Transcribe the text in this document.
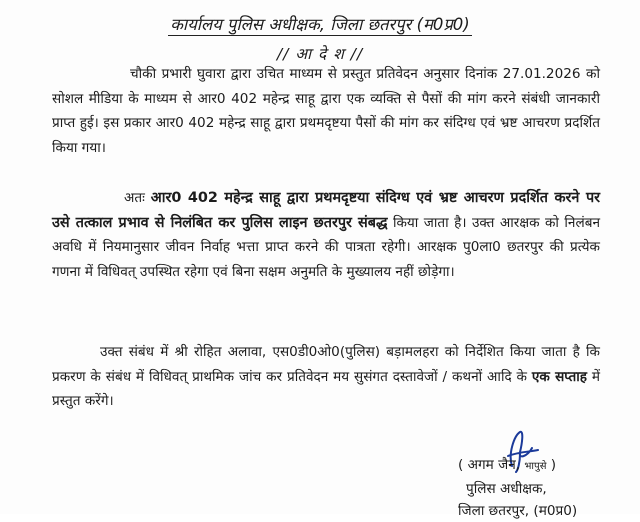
कार्यालय पुलिस अधीक्षक, जिला छतरपुर (म0प्र0)
// आ दे श //

चौकी प्रभारी घुवारा द्वारा उचित माध्यम से प्रस्तुत प्रतिवेदन अनुसार दिनांक 27.01.2026 को सोशल मीडिया के माध्यम से आर0 402 महेन्द्र साहू द्वारा एक व्यक्ति से पैसों की मांग करने संबंधी जानकारी प्राप्त हुई। इस प्रकार आर0 402 महेन्द्र साहू द्वारा प्रथमदृष्टया पैसों की मांग कर संदिग्ध एवं भ्रष्ट आचरण प्रदर्शित किया गया।

अतः आर0 402 महेन्द्र साहू द्वारा प्रथमदृष्टया संदिग्ध एवं भ्रष्ट आचरण प्रदर्शित करने पर उसे तत्काल प्रभाव से निलंबित कर पुलिस लाइन छतरपुर संबद्ध किया जाता है। उक्त आरक्षक को निलंबन अवधि में नियमानुसार जीवन निर्वाह भत्ता प्राप्त करने की पात्रता रहेगी। आरक्षक पु0ला0 छतरपुर की प्रत्येक गणना में विधिवत् उपस्थित रहेगा एवं बिना सक्षम अनुमति के मुख्यालय नहीं छोड़ेगा।

उक्त संबंध में श्री रोहित अलावा, एस0डी0ओ0(पुलिस) बड़ामलहरा को निर्देशित किया जाता है कि प्रकरण के संबंध में विधिवत् प्राथमिक जांच कर प्रतिवेदन मय सुसंगत दस्तावेजों / कथनों आदि के एक सप्ताह में प्रस्तुत करेंगे।

( अगम जैन, भापुसे )
पुलिस अधीक्षक,
जिला छतरपुर, (म0प्र0)
